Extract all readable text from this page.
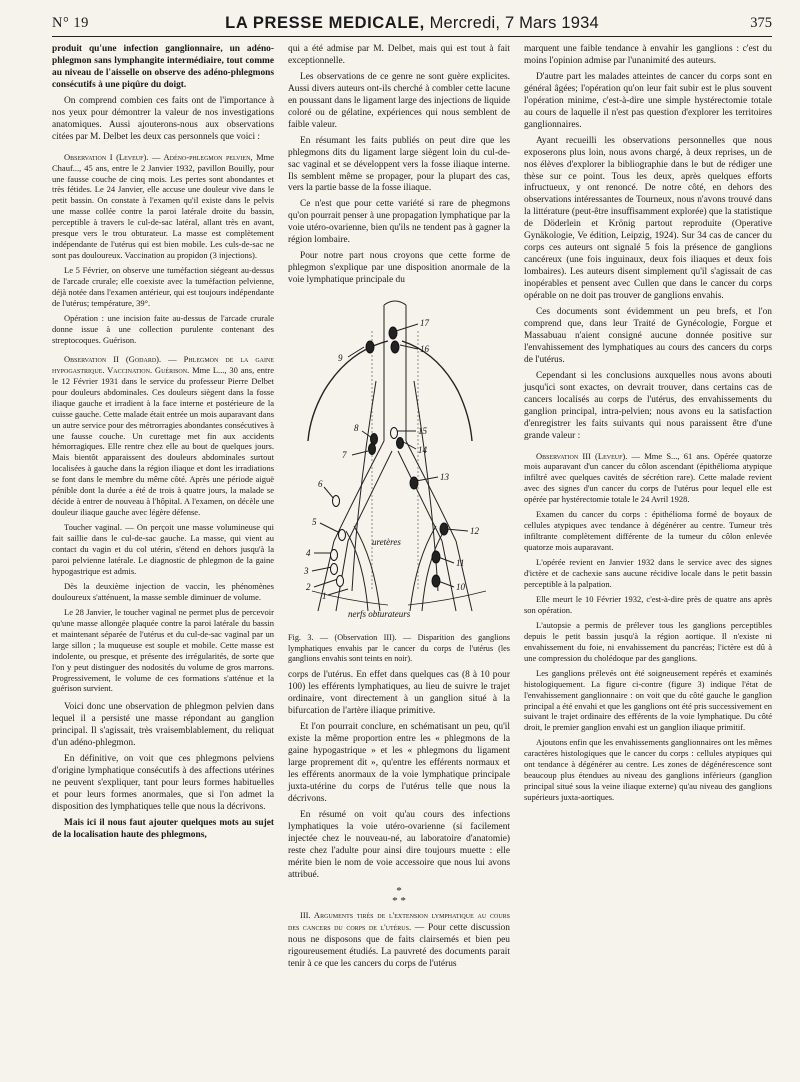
N° 19	LA PRESSE MEDICALE, Mercredi, 7 Mars 1934	375

produit qu'une infection ganglionnaire, un adéno-phlegmon sans lymphangite intermédiaire, tout comme au niveau de l'aisselle on observe des adéno-phlegmons consécutifs à une piqûre du doigt.

On comprend combien ces faits ont de l'importance à nos yeux pour démontrer la valeur de nos investigations anatomiques. Aussi ajouterons-nous aux observations citées par M. Delbet les deux cas personnels que voici :

Observation I (Leveuf). — Adéno-phlegmon pelvien, Mme Chauf..., 45 ans, entre le 2 Janvier 1932, pavillon Bouilly, pour une fausse couche de cinq mois. Les pertes sont abondantes et très fétides. Le 24 Janvier, elle accuse une douleur vive dans le petit bassin. On constate à l'examen qu'il existe dans le pelvis une masse collée contre la paroi latérale droite du bassin, perceptible à travers le cul-de-sac latéral, allant très en avant, presque vers le trou obturateur. La masse est complètement indépendante de l'utérus qui est bien mobile. Les culs-de-sac ne sont pas douloureux. Vaccination au propidon (3 injections).

Le 5 Février, on observe une tuméfaction siégeant au-dessus de l'arcade crurale; elle coexiste avec la tuméfaction pelvienne, déjà notée dans l'examen antérieur, qui est toujours indépendante de l'utérus; température, 39°.

Opération : une incision faite au-dessus de l'arcade crurale donne issue à une collection purulente contenant des streptocoques. Guérison.

Observation II (Godard). — Phlegmon de la gaine hypogastrique. Vaccination. Guérison. Mme L..., 30 ans, entre le 12 Février 1931 dans le service du professeur Pierre Delbet pour douleurs abdominales. Ces douleurs siègent dans la fosse iliaque gauche et irradient à la face interne et postérieure de la cuisse gauche. Cette malade était entrée un mois auparavant dans un autre service pour des métrorragies abondantes consécutives à une fausse couche. Un curettage met fin aux accidents hémorragiques. Elle rentre chez elle au bout de quelques jours. Mais bientôt apparaissent des douleurs abdominales surtout localisées à gauche dans la région iliaque et dont les irradiations se font dans le membre du même côté. Après une période aiguë pénible dont la durée a été de trois à quatre jours, la malade se décide à entrer de nouveau à l'hôpital. A l'examen, on décèle une douleur iliaque gauche avec légère défense.

Toucher vaginal. — On perçoit une masse volumineuse qui fait saillie dans le cul-de-sac gauche. La masse, qui vient au contact du vagin et du col utérin, s'étend en dehors jusqu'à la paroi pelvienne latérale. Le diagnostic de phlegmon de la gaine hypogastrique est admis.

Dès la deuxième injection de vaccin, les phénomènes douloureux s'atténuent, la masse semble diminuer de volume.

Le 28 Janvier, le toucher vaginal ne permet plus de percevoir qu'une masse allongée plaquée contre la paroi latérale du bassin et maintenant séparée de l'utérus et du cul-de-sac vaginal par un large sillon ; la muqueuse est souple et mobile. Cette masse est indolente, ou presque, et présente des irrégularités, de sorte que l'on y peut distinguer des nodosités du volume de gros marrons. Progressivement, le volume de ces formations s'atténue et la guérison survient.

Voici donc une observation de phlegmon pelvien dans lequel il a persisté une masse répondant au ganglion principal. Il s'agissait, très vraisemblablement, du reliquat d'un adéno-phlegmon.

En définitive, on voit que ces phlegmons pelviens d'origine lymphatique consécutifs à des affections utérines ne peuvent s'expliquer, tant pour leurs formes habituelles et pour leurs formes anormales, que si l'on admet la disposition des lymphatiques telle que nous la décrivons.

Mais ici il nous faut ajouter quelques mots au sujet de la localisation haute des phlegmons,

qui a été admise par M. Delbet, mais qui est tout à fait exceptionnelle.

Les observations de ce genre ne sont guère explicites. Aussi divers auteurs ont-ils cherché à combler cette lacune en poussant dans le ligament large des injections de liquide coloré ou de gélatine, expériences qui nous semblent de faible valeur.

En résumant les faits publiés on peut dire que les phlegmons dits du ligament large siègent loin du cul-de-sac vaginal et se développent vers la fosse iliaque interne. Ils semblent même se propager, pour la plupart des cas, vers la partie basse de la fosse iliaque.

Ce n'est que pour cette variété si rare de phegmons qu'on pourrait penser à une propagation lymphatique par la voie utéro-ovarienne, bien qu'ils ne tendent pas à gagner la région lombaire.

Pour notre part nous croyons que cette forme de phlegmon s'explique par une disposition anormale de la voie lymphatique principale du

17
16
9
15
8
7	14
13
6
12
5
4
3
2
1
11
10
uretères
nerfs obturateurs

Fig. 3. — (Observation III). — Disparition des ganglions lymphatiques envahis par le cancer du corps de l'utérus (les ganglions envahis sont teints en noir).

corps de l'utérus. En effet dans quelques cas (8 à 10 pour 100) les efférents lymphatiques, au lieu de suivre le trajet ordinaire, vont directement à un ganglion situé à la bifurcation de l'artère iliaque primitive.

Et l'on pourrait conclure, en schématisant un peu, qu'il existe la même proportion entre les « phlegmons de la gaine hypogastrique » et les « phlegmons du ligament large proprement dit », qu'entre les efférents normaux et les efférents anormaux de la voie lymphatique principale juxta-utérine du corps de l'utérus telle que nous la décrivons.

En résumé on voit qu'au cours des infections lymphatiques la voie utéro-ovarienne (si facilement injectée chez le nouveau-né, au laboratoire d'anatomie) reste chez l'adulte pour ainsi dire toujours muette : elle mérite bien le nom de voie accessoire que nous lui avons attribué.

*
* *

III. Arguments tirés de l'extension lymphatique au cours des cancers du corps de l'utérus. — Pour cette discussion nous ne disposons que de faits clairsemés et bien peu rigoureusement étudiés. La pauvreté des documents parait tenir à ce que les cancers du corps de l'utérus

marquent une faible tendance à envahir les ganglions : c'est du moins l'opinion admise par l'unanimité des auteurs.

D'autre part les malades atteintes de cancer du corps sont en général âgées; l'opération qu'on leur fait subir est le plus souvent l'opération minime, c'est-à-dire une simple hystérectomie totale au cours de laquelle il n'est pas question d'explorer les territoires ganglionnaires.

Ayant recueilli les observations personnelles que nous exposerons plus loin, nous avons chargé, à deux reprises, un de nos élèves d'explorer la bibliographie dans le but de rédiger une thèse sur ce point. Tous les deux, après quelques efforts infructueux, y ont renoncé. De notre côté, en dehors des observations intéressantes de Tourneux, nous n'avons trouvé dans la littérature (peut-être insuffisamment explorée) que la statistique de Döderlein et Krönig partout reproduite (Operative Gynäkologie, Ve édition, Leipzig, 1924). Sur 34 cas de cancer du corps ces auteurs ont signalé 5 fois la présence de ganglions cancéreux (une fois inguinaux, deux fois iliaques et deux fois lombaires). Les auteurs disent simplement qu'il s'agissait de cas inopérables et pensent avec Cullen que dans le cancer du corps opérable on ne doit pas trouver de ganglions envahis.

Ces documents sont évidemment un peu brefs, et l'on comprend que, dans leur Traité de Gynécologie, Forgue et Massabuau n'aient consigné aucune donnée positive sur l'envahissement des lymphatiques au cours des cancers du corps de l'utérus.

Cependant si les conclusions auxquelles nous avons abouti jusqu'ici sont exactes, on devrait trouver, dans certains cas de cancers localisés au corps de l'utérus, des envahissements du ganglion principal, intra-pelvien; nous avons eu la satisfaction d'enregistrer les faits suivants qui nous paraissent être d'une grande valeur :

Observation III (Leveuf). — Mme S..., 61 ans. Opérée quatorze mois auparavant d'un cancer du côlon ascendant (épithélioma atypique infiltré avec quelques cavités de sécrétion rare). Cette malade revient avec des signes d'un cancer du corps de l'utérus pour lequel elle est opérée par hystérectomie totale le 24 Avril 1928.

Examen du cancer du corps : épithélioma formé de boyaux de cellules atypiques avec tendance à dégénérer au centre. Tumeur très infiltrante complètement différente de la tumeur du côlon enlevée quatorze mois auparavant.

L'opérée revient en Janvier 1932 dans le service avec des signes d'ictère et de cachexie sans aucune récidive locale dans le petit bassin perceptible à la palpation.

Elle meurt le 10 Février 1932, c'est-à-dire près de quatre ans après son opération.

L'autopsie a permis de prélever tous les ganglions perceptibles depuis le petit bassin jusqu'à la région aortique. Il n'existe ni envahissement du foie, ni envahissement du pancréas; l'ictère est dû à une compression du cholédoque par des ganglions.

Les ganglions prélevés ont été soigneusement repérés et examinés histologiquement. La figure ci-contre (figure 3) indique l'état de l'envahissement ganglionnaire : on voit que du côté gauche le ganglion principal a été envahi et que les ganglions ont été pris successivement en suivant le trajet ordinaire des efférents de la voie lymphatique. Du côté droit, le premier ganglion envahi est un ganglion iliaque primitif.

Ajoutons enfin que les envahissements ganglionnaires ont les mêmes caractères histologiques que le cancer du corps : cellules atypiques qui ont tendance à dégénérer au centre. Les zones de dégénérescence sont beaucoup plus étendues au niveau des ganglions inférieurs (ganglion principal situé sous la veine iliaque externe) qu'au niveau des ganglions supérieurs juxta-aortiques.
